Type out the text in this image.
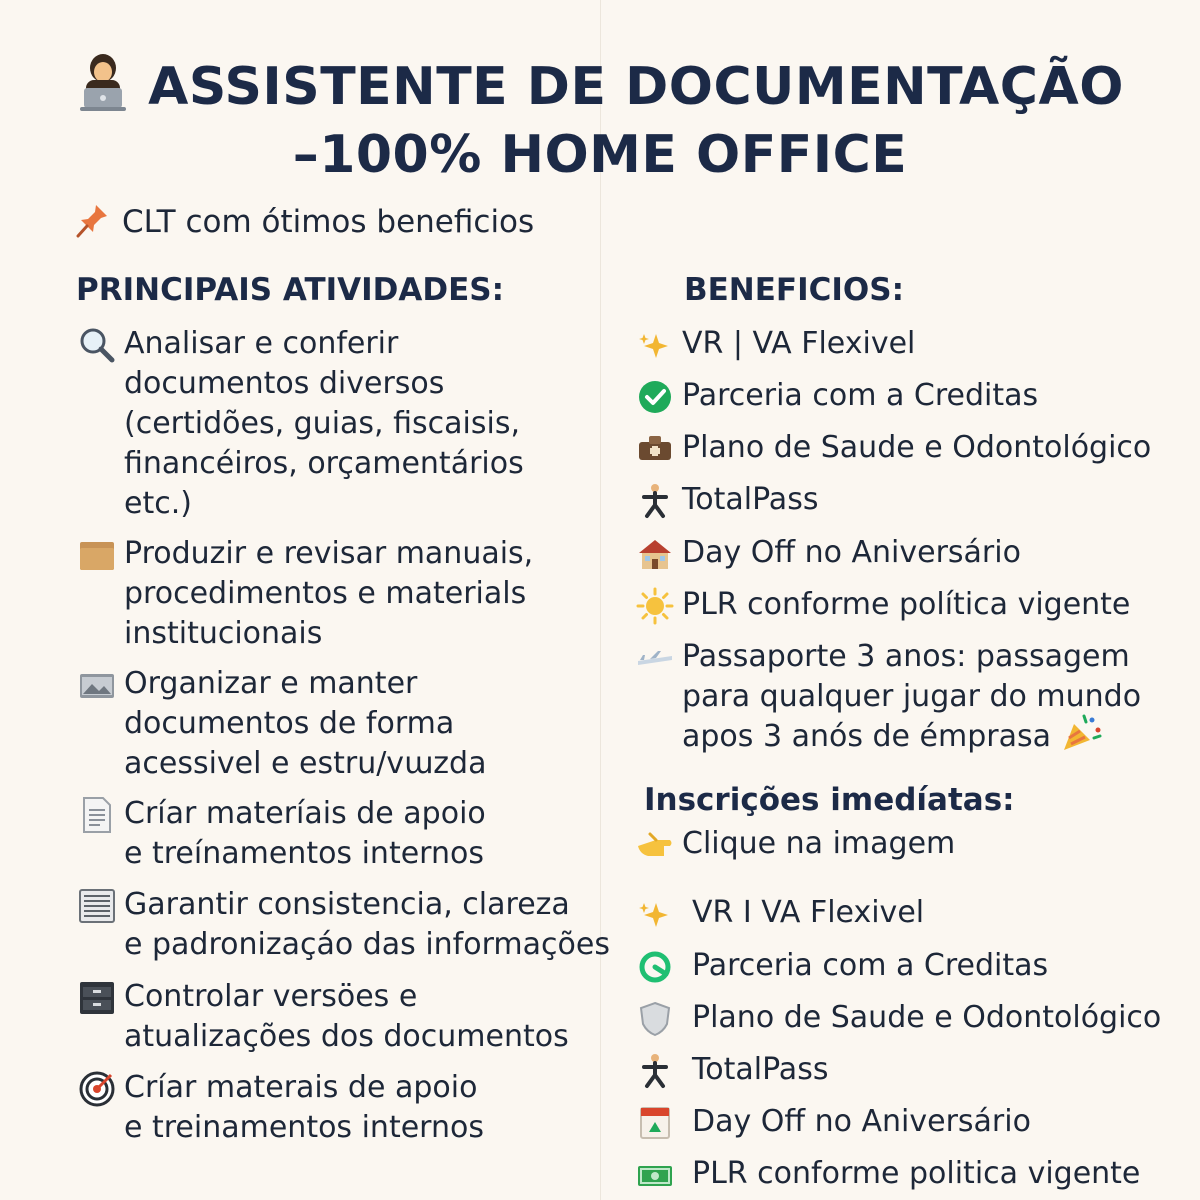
ASSISTENTE DE DOCUMENTAÇÃO
–100% HOME OFFICE
CLT com ótimos beneficios
PRINCIPAIS ATIVIDADES:	BENEFICIOS:
Analisar e conferir
documentos diversos
(certidões, guias, fiscaisis,
financéiros, orçamentários
etc.)
Produzir e revisar manuais,
procedimentos e materials
institucionais
Organizar e manter
documentos de forma
acessivel e estru/vɯzda
Críar materíais de apoio
e treínamentos internos
Garantir consistencia, clareza
e padronizaçáo das informações
Controlar versöes e
atualizações dos documentos
Críar materais de apoio
e treinamentos internos
VR | VA Flexivel
Parceria com a Creditas
Plano de Saude e Odontológico
TotalPass
Day Off no Aniversário
PLR conforme política vigente
Passaporte 3 anos: passagem
para qualquer jugar do mundo
apos 3 anós de émprasa
Inscrições imedíatas:
Clique na imagem
VR I VA Flexivel
Parceria com a Creditas
Plano de Saude e Odontológico
TotalPass
Day Off no Aniversário
PLR conforme politica vigente
